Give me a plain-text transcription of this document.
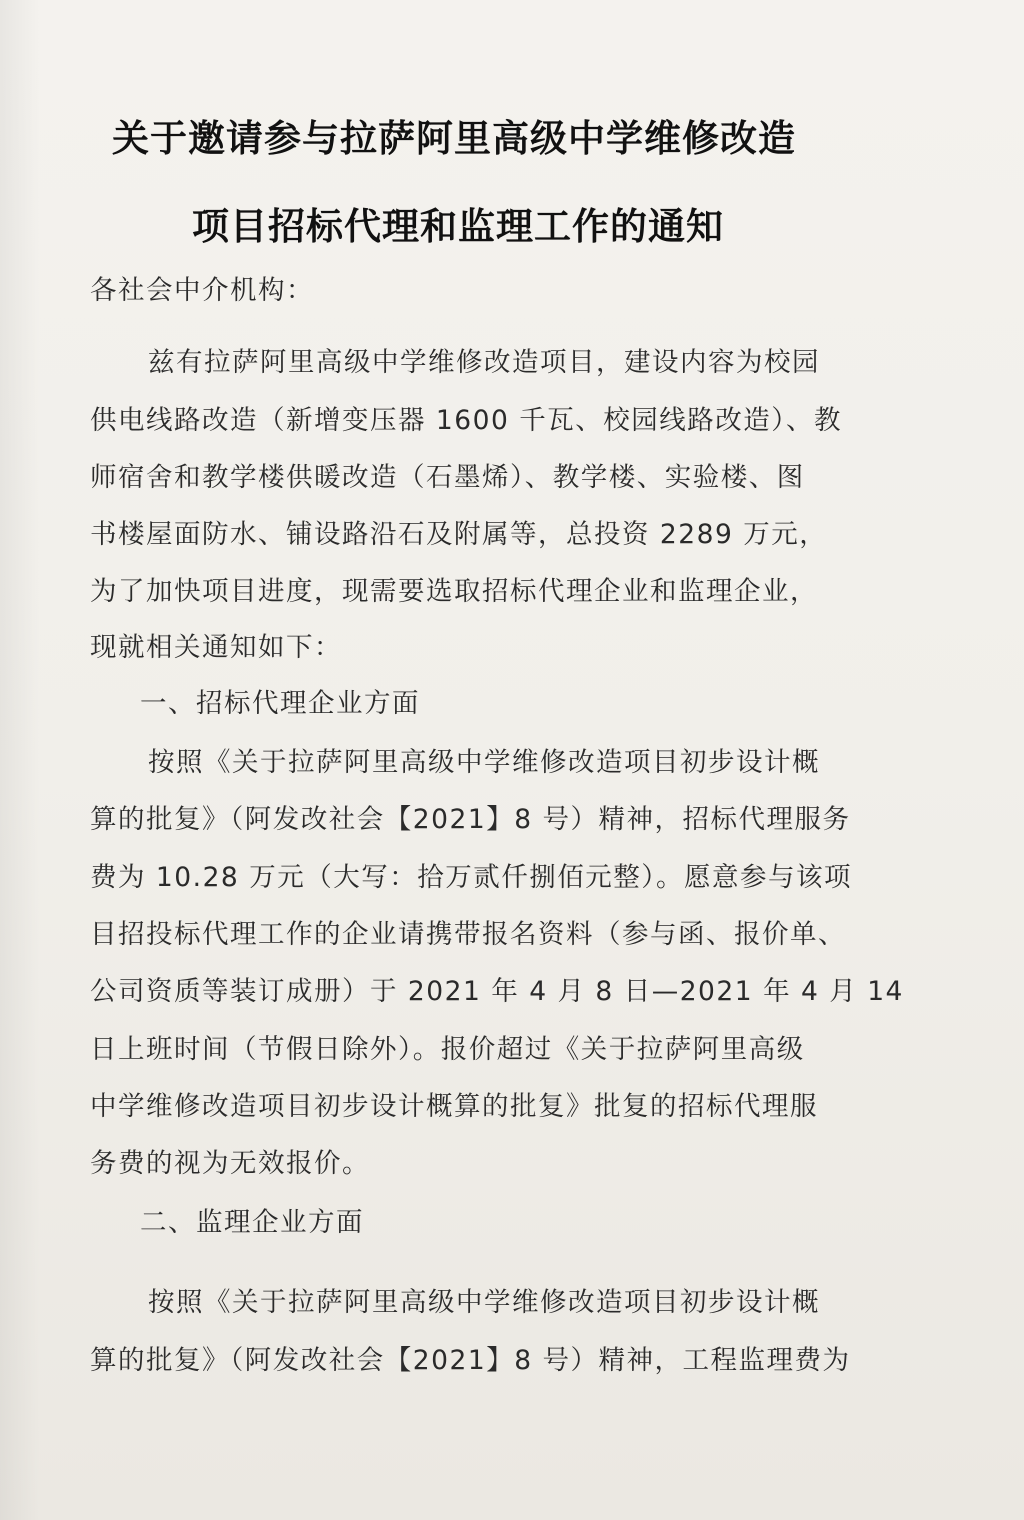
关于邀请参与拉萨阿里高级中学维修改造
项目招标代理和监理工作的通知
各社会中介机构：
兹有拉萨阿里高级中学维修改造项目，建设内容为校园
供电线路改造（新增变压器 1600 千瓦、校园线路改造）、教
师宿舍和教学楼供暖改造（石墨烯）、教学楼、实验楼、图
书楼屋面防水、铺设路沿石及附属等，总投资 2289 万元，
为了加快项目进度，现需要选取招标代理企业和监理企业，
现就相关通知如下：
一、招标代理企业方面
按照《关于拉萨阿里高级中学维修改造项目初步设计概
算的批复》（阿发改社会【2021】8 号）精神，招标代理服务
费为 10.28 万元（大写：拾万贰仟捌佰元整）。愿意参与该项
目招投标代理工作的企业请携带报名资料（参与函、报价单、
公司资质等装订成册）于 2021 年 4 月 8 日—2021 年 4 月 14
日上班时间（节假日除外）。报价超过《关于拉萨阿里高级
中学维修改造项目初步设计概算的批复》批复的招标代理服
务费的视为无效报价。
二、监理企业方面
按照《关于拉萨阿里高级中学维修改造项目初步设计概
算的批复》（阿发改社会【2021】8 号）精神，工程监理费为
